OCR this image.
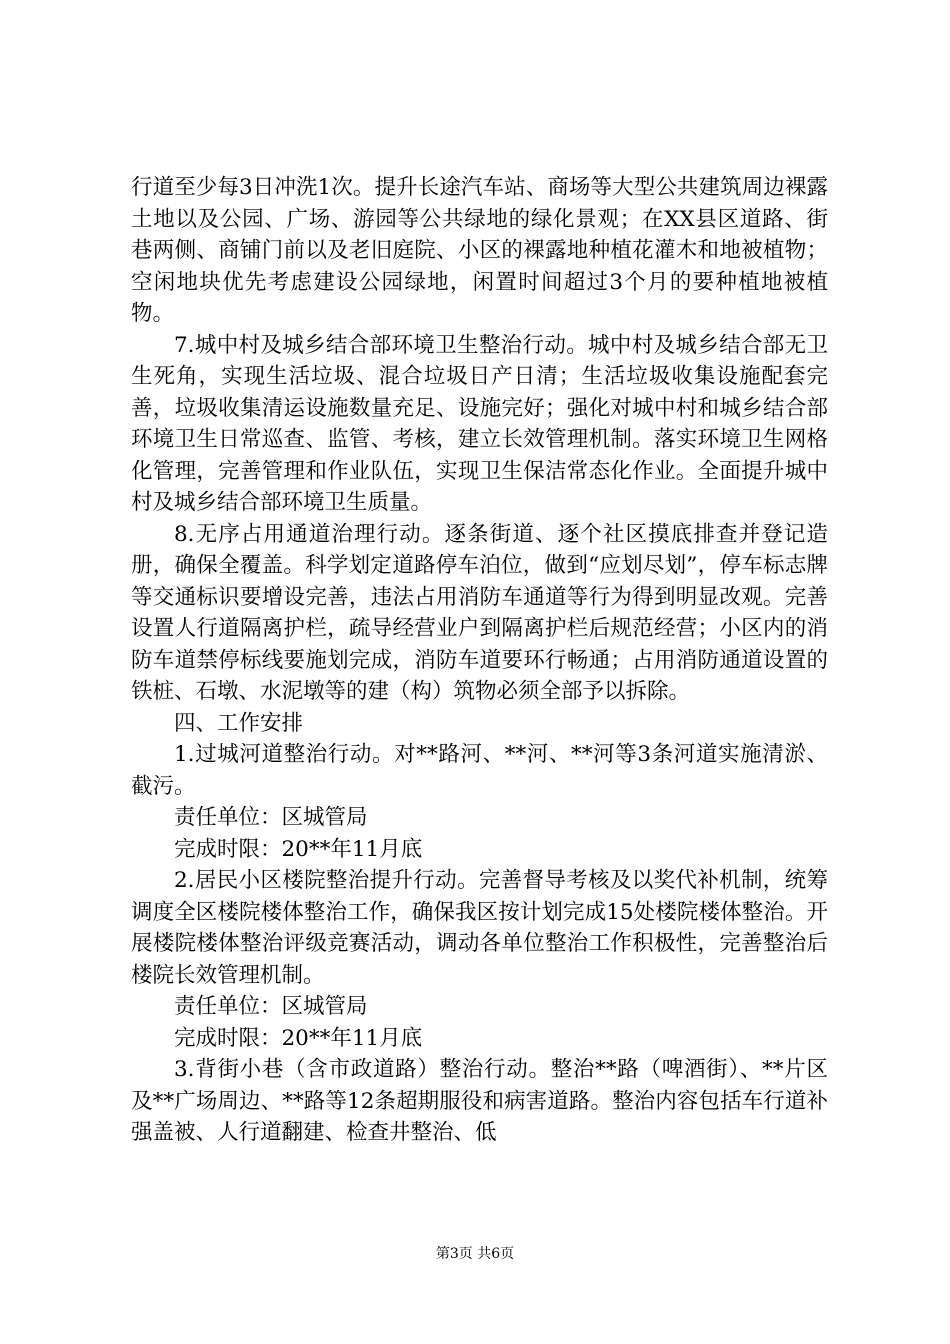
行道至少每3日冲洗1次。提升长途汽车站、商场等大型公共建筑周边裸露土地以及公园、广场、游园等公共绿地的绿化景观；在XX县区道路、街巷两侧、商铺门前以及老旧庭院、小区的裸露地种植花灌木和地被植物；空闲地块优先考虑建设公园绿地，闲置时间超过3个月的要种植地被植物。

7.城中村及城乡结合部环境卫生整治行动。城中村及城乡结合部无卫生死角，实现生活垃圾、混合垃圾日产日清；生活垃圾收集设施配套完善，垃圾收集清运设施数量充足、设施完好；强化对城中村和城乡结合部环境卫生日常巡查、监管、考核，建立长效管理机制。落实环境卫生网格化管理，完善管理和作业队伍，实现卫生保洁常态化作业。全面提升城中村及城乡结合部环境卫生质量。

8.无序占用通道治理行动。逐条街道、逐个社区摸底排查并登记造册，确保全覆盖。科学划定道路停车泊位，做到“应划尽划”，停车标志牌等交通标识要增设完善，违法占用消防车通道等行为得到明显改观。完善设置人行道隔离护栏，疏导经营业户到隔离护栏后规范经营；小区内的消防车道禁停标线要施划完成，消防车道要环行畅通；占用消防通道设置的铁桩、石墩、水泥墩等的建（构）筑物必须全部予以拆除。

四、工作安排

1.过城河道整治行动。对**路河、**河、**河等3条河道实施清淤、截污。

责任单位：区城管局

完成时限：20**年11月底

2.居民小区楼院整治提升行动。完善督导考核及以奖代补机制，统筹调度全区楼院楼体整治工作，确保我区按计划完成15处楼院楼体整治。开展楼院楼体整治评级竞赛活动，调动各单位整治工作积极性，完善整治后楼院长效管理机制。

责任单位：区城管局

完成时限：20**年11月底

3.背街小巷（含市政道路）整治行动。整治**路（啤酒街）、**片区及**广场周边、**路等12条超期服役和病害道路。整治内容包括车行道补强盖被、人行道翻建、检查井整治、低

第3页 共6页
